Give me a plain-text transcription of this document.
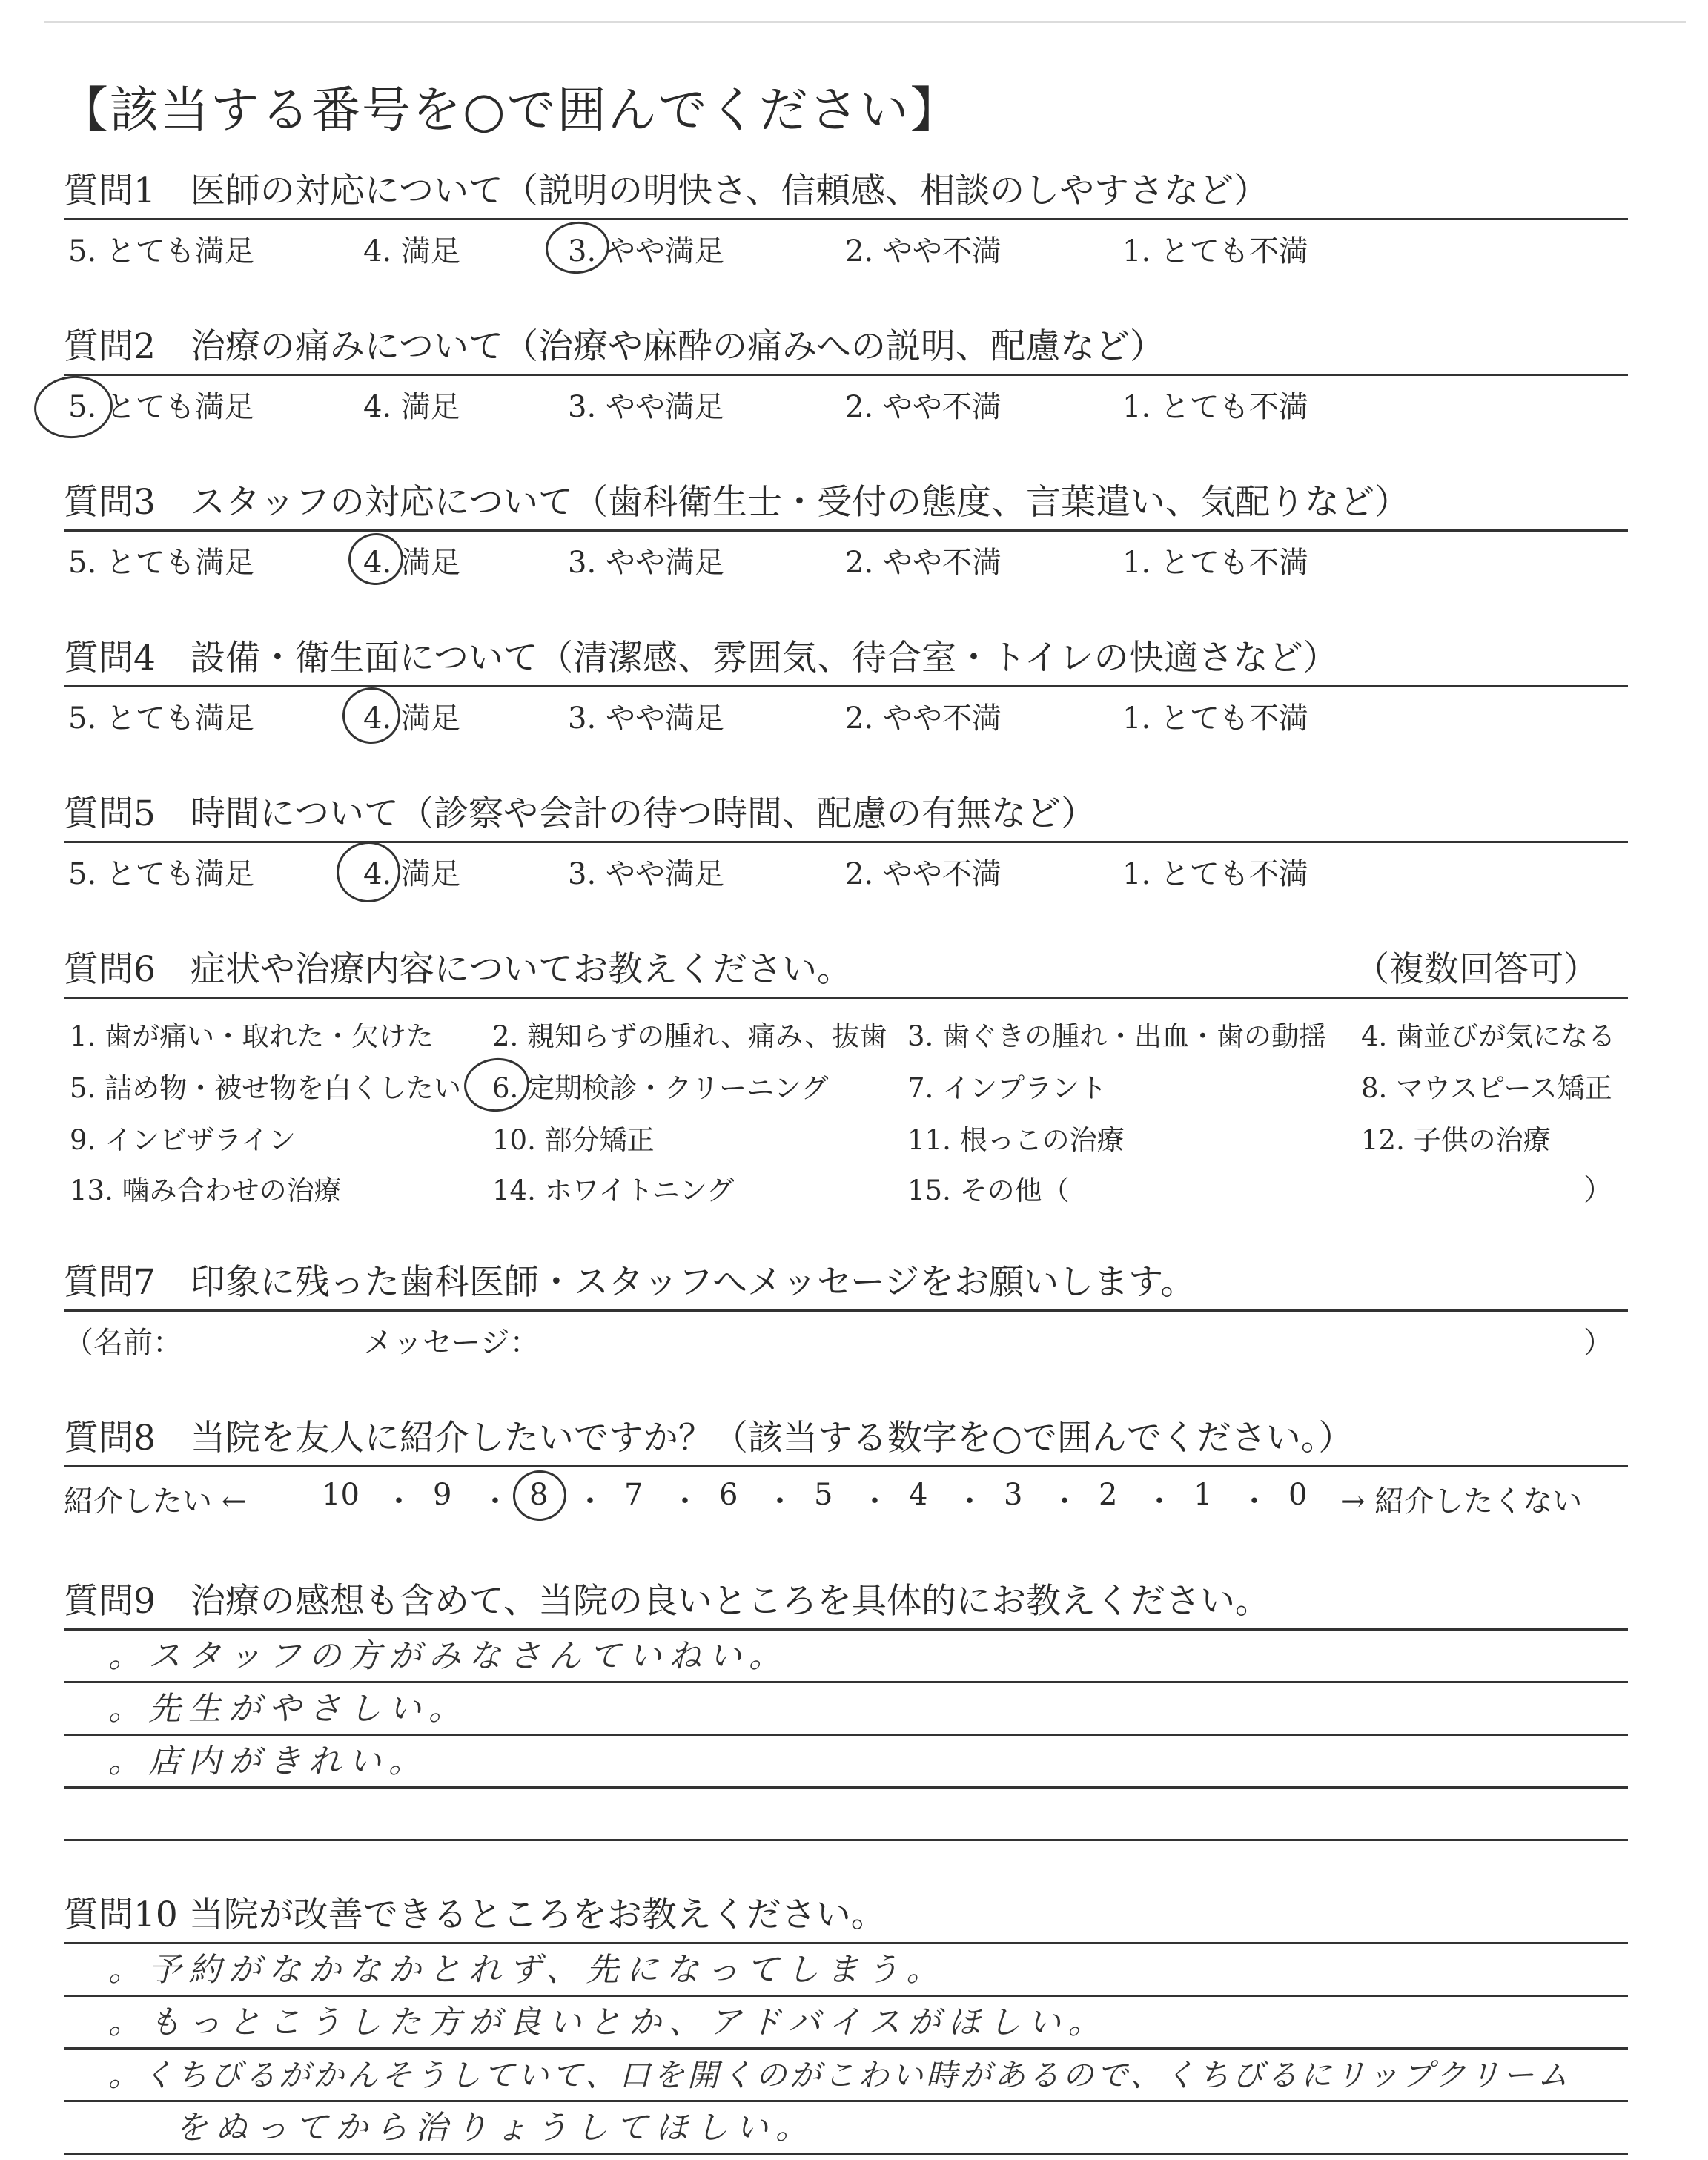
【該当する番号を○で囲んでください】
質問1　医師の対応について（説明の明快さ、信頼感、相談のしやすさなど）
5. とても満足	4. 満足	3. やや満足	2. やや不満	1. とても不満
質問2　治療の痛みについて（治療や麻酔の痛みへの説明、配慮など）
5. とても満足	4. 満足	3. やや満足	2. やや不満	1. とても不満
質問3　スタッフの対応について（歯科衛生士・受付の態度、言葉遣い、気配りなど）
5. とても満足	4. 満足	3. やや満足	2. やや不満	1. とても不満
質問4　設備・衛生面について（清潔感、雰囲気、待合室・トイレの快適さなど）
5. とても満足	4. 満足	3. やや満足	2. やや不満	1. とても不満
質問5　時間について（診察や会計の待つ時間、配慮の有無など）
5. とても満足	4. 満足	3. やや満足	2. やや不満	1. とても不満
質問6　症状や治療内容についてお教えください。	（複数回答可）
1. 歯が痛い・取れた・欠けた 2. 親知らずの腫れ、痛み、抜歯 3. 歯ぐきの腫れ・出血・歯の動揺 4. 歯並びが気になる
5. 詰め物・被せ物を白くしたい 6. 定期検診・クリーニング	7. インプラント	8. マウスピース矯正
9. インビザライン	10. 部分矯正	11. 根っこの治療	12. 子供の治療
13. 噛み合わせの治療	14. ホワイトニング	15. その他（	）
質問7　印象に残った歯科医師・スタッフへメッセージをお願いします。
（名前：	メッセージ：	）
質問8　当院を友人に紹介したいですか？（該当する数字を○で囲んでください。）
紹介したい ←	10 ・ 9 ・ 8 ・ 7 ・ 6 ・ 5 ・ 4 ・ 3 ・ 2 ・ 1 ・ 0 → 紹介したくない
質問9　治療の感想も含めて、当院の良いところを具体的にお教えください。
。スタッフの方がみなさんていねい。
。先生がやさしい。
。店内がきれい。
質問10 当院が改善できるところをお教えください。
。予約がなかなかとれず、先になってしまう。
。もっとこうした方が良いとか、アドバイスがほしい。
。くちびるがかんそうしていて、口を開くのがこわい時があるので、くちびるにリップクリーム
をぬってから治りょうしてほしい。
